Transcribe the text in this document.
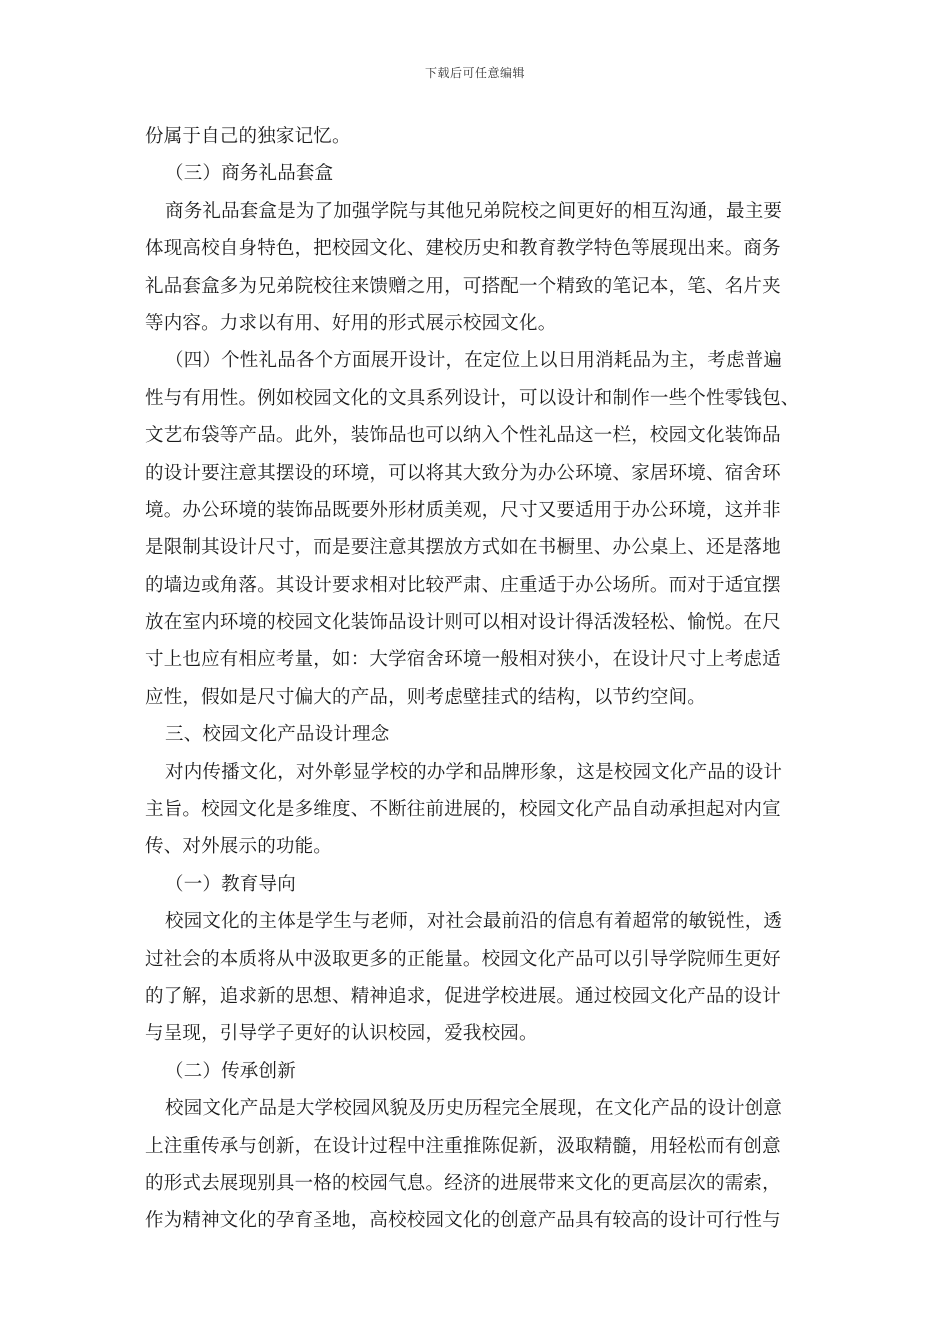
下载后可任意编辑
份属于自己的独家记忆。
（三）商务礼品套盒
商务礼品套盒是为了加强学院与其他兄弟院校之间更好的相互沟通，最主要
体现高校自身特色，把校园文化、建校历史和教育教学特色等展现出来。商务
礼品套盒多为兄弟院校往来馈赠之用，可搭配一个精致的笔记本，笔、名片夹
等内容。力求以有用、好用的形式展示校园文化。
（四）个性礼品各个方面展开设计，在定位上以日用消耗品为主，考虑普遍
性与有用性。例如校园文化的文具系列设计，可以设计和制作一些个性零钱包、
文艺布袋等产品。此外，装饰品也可以纳入个性礼品这一栏，校园文化装饰品
的设计要注意其摆设的环境，可以将其大致分为办公环境、家居环境、宿舍环
境。办公环境的装饰品既要外形材质美观，尺寸又要适用于办公环境，这并非
是限制其设计尺寸，而是要注意其摆放方式如在书橱里、办公桌上、还是落地
的墙边或角落。其设计要求相对比较严肃、庄重适于办公场所。而对于适宜摆
放在室内环境的校园文化装饰品设计则可以相对设计得活泼轻松、愉悦。在尺
寸上也应有相应考量，如：大学宿舍环境一般相对狭小，在设计尺寸上考虑适
应性，假如是尺寸偏大的产品，则考虑壁挂式的结构，以节约空间。
三、校园文化产品设计理念
对内传播文化，对外彰显学校的办学和品牌形象，这是校园文化产品的设计
主旨。校园文化是多维度、不断往前进展的，校园文化产品自动承担起对内宣
传、对外展示的功能。
（一）教育导向
校园文化的主体是学生与老师，对社会最前沿的信息有着超常的敏锐性，透
过社会的本质将从中汲取更多的正能量。校园文化产品可以引导学院师生更好
的了解，追求新的思想、精神追求，促进学校进展。通过校园文化产品的设计
与呈现，引导学子更好的认识校园，爱我校园。
（二）传承创新
校园文化产品是大学校园风貌及历史历程完全展现，在文化产品的设计创意
上注重传承与创新，在设计过程中注重推陈促新，汲取精髓，用轻松而有创意
的形式去展现别具一格的校园气息。经济的进展带来文化的更高层次的需索，
作为精神文化的孕育圣地，高校校园文化的创意产品具有较高的设计可行性与
